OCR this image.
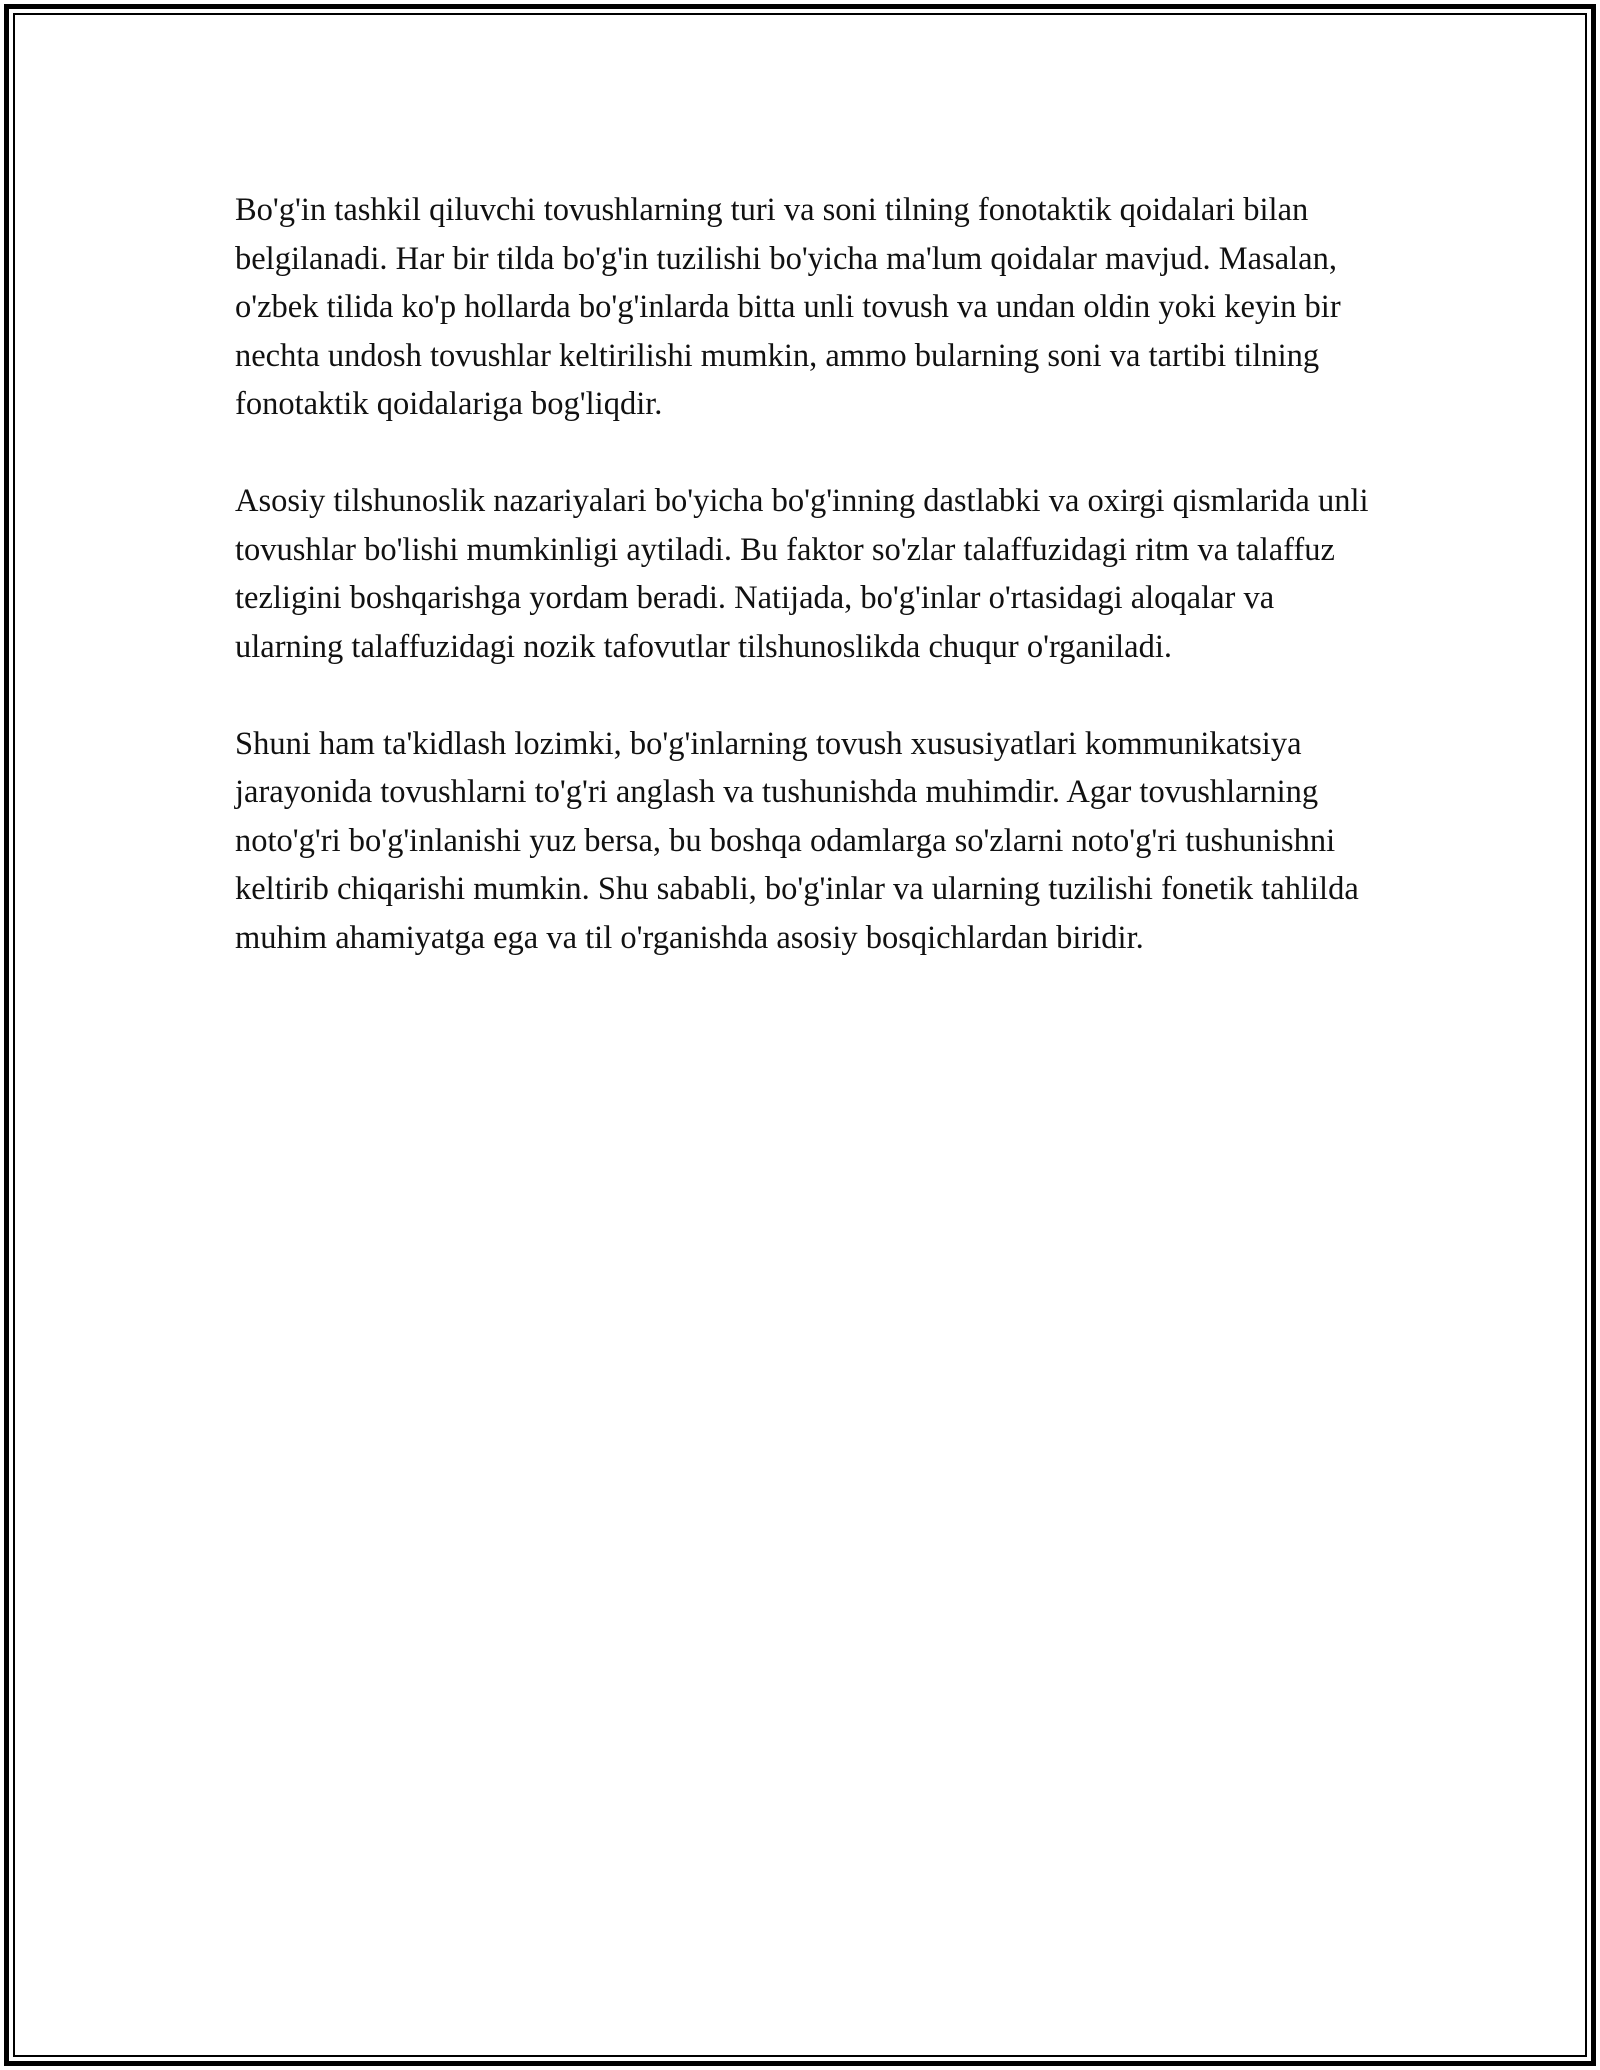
Bo'g'in tashkil qiluvchi tovushlarning turi va soni tilning fonotaktik qoidalari bilan belgilanadi. Har bir tilda bo'g'in tuzilishi bo'yicha ma'lum qoidalar mavjud. Masalan, o'zbek tilida ko'p hollarda bo'g'inlarda bitta unli tovush va undan oldin yoki keyin bir nechta undosh tovushlar keltirilishi mumkin, ammo bularning soni va tartibi tilning fonotaktik qoidalariga bog'liqdir.

Asosiy tilshunoslik nazariyalari bo'yicha bo'g'inning dastlabki va oxirgi qismlarida unli tovushlar bo'lishi mumkinligi aytiladi. Bu faktor so'zlar talaffuzidagi ritm va talaffuz tezligini boshqarishga yordam beradi. Natijada, bo'g'inlar o'rtasidagi aloqalar va ularning talaffuzidagi nozik tafovutlar tilshunoslikda chuqur o'rganiladi.

Shuni ham ta'kidlash lozimki, bo'g'inlarning tovush xususiyatlari kommunikatsiya jarayonida tovushlarni to'g'ri anglash va tushunishda muhimdir. Agar tovushlarning noto'g'ri bo'g'inlanishi yuz bersa, bu boshqa odamlarga so'zlarni noto'g'ri tushunishni keltirib chiqarishi mumkin. Shu sababli, bo'g'inlar va ularning tuzilishi fonetik tahlilda muhim ahamiyatga ega va til o'rganishda asosiy bosqichlardan biridir.
